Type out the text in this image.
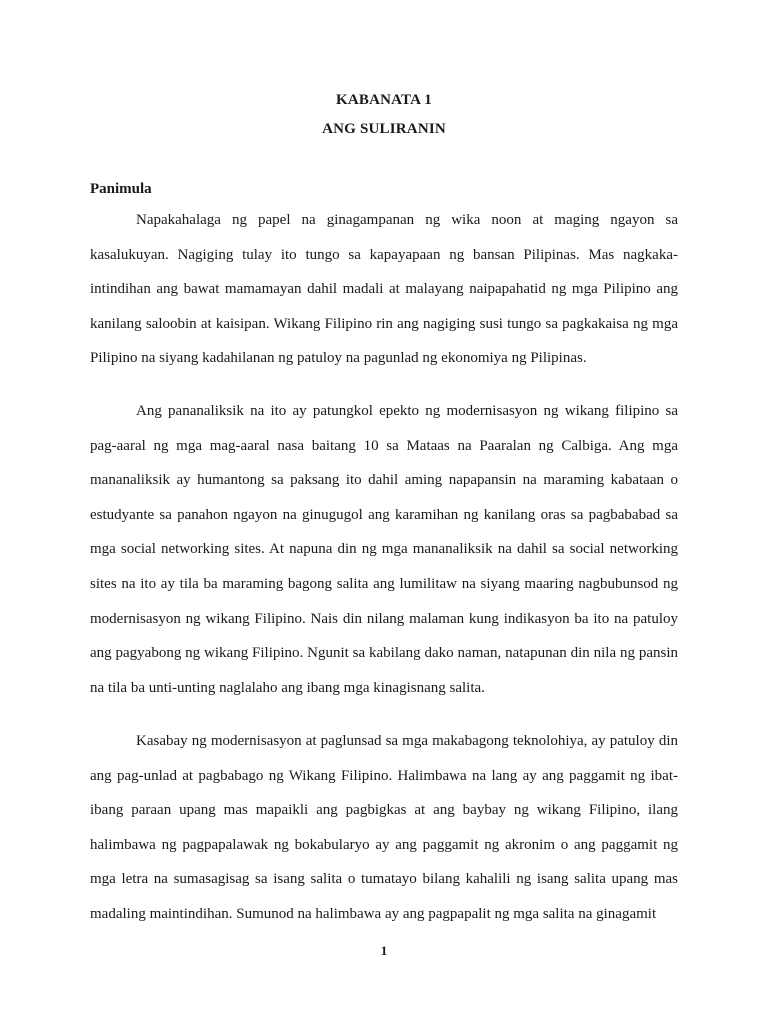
KABANATA 1
ANG SULIRANIN
Panimula

Napakahalaga ng papel na ginagampanan ng wika noon at maging ngayon sa kasalukuyan. Nagiging tulay ito tungo sa kapayapaan ng bansan Pilipinas. Mas nagkaka-intindihan ang bawat mamamayan dahil madali at malayang naipapahatid ng mga Pilipino ang kanilang saloobin at kaisipan. Wikang Filipino rin ang nagiging susi tungo sa pagkakaisa ng mga Pilipino na siyang kadahilanan ng patuloy na pagunlad ng ekonomiya ng Pilipinas.

Ang pananaliksik na ito ay patungkol epekto ng modernisasyon ng wikang filipino sa pag-aaral ng mga mag-aaral nasa baitang 10 sa Mataas na Paaralan ng Calbiga. Ang mga mananaliksik ay humantong sa paksang ito dahil aming napapansin na maraming kabataan o estudyante sa panahon ngayon na ginugugol ang karamihan ng kanilang oras sa pagbababad sa mga social networking sites. At napuna din ng mga mananaliksik na dahil sa social networking sites na ito ay tila ba maraming bagong salita ang lumilitaw na siyang maaring nagbubunsod ng modernisasyon ng wikang Filipino. Nais din nilang malaman kung indikasyon ba ito na patuloy ang pagyabong ng wikang Filipino. Ngunit sa kabilang dako naman, natapunan din nila ng pansin na tila ba unti-unting naglalaho ang ibang mga kinagisnang salita.

Kasabay ng modernisasyon at paglunsad sa mga makabagong teknolohiya, ay patuloy din ang pag-unlad at pagbabago ng Wikang Filipino. Halimbawa na lang ay ang paggamit ng ibat-ibang paraan upang mas mapaikli ang pagbigkas at ang baybay ng wikang Filipino, ilang halimbawa ng pagpapalawak ng bokabularyo ay ang paggamit ng akronim o ang paggamit ng mga letra na sumasagisag sa isang salita o tumatayo bilang kahalili ng isang salita upang mas madaling maintindihan. Sumunod na halimbawa ay ang pagpapalit ng mga salita na ginagamit

1
